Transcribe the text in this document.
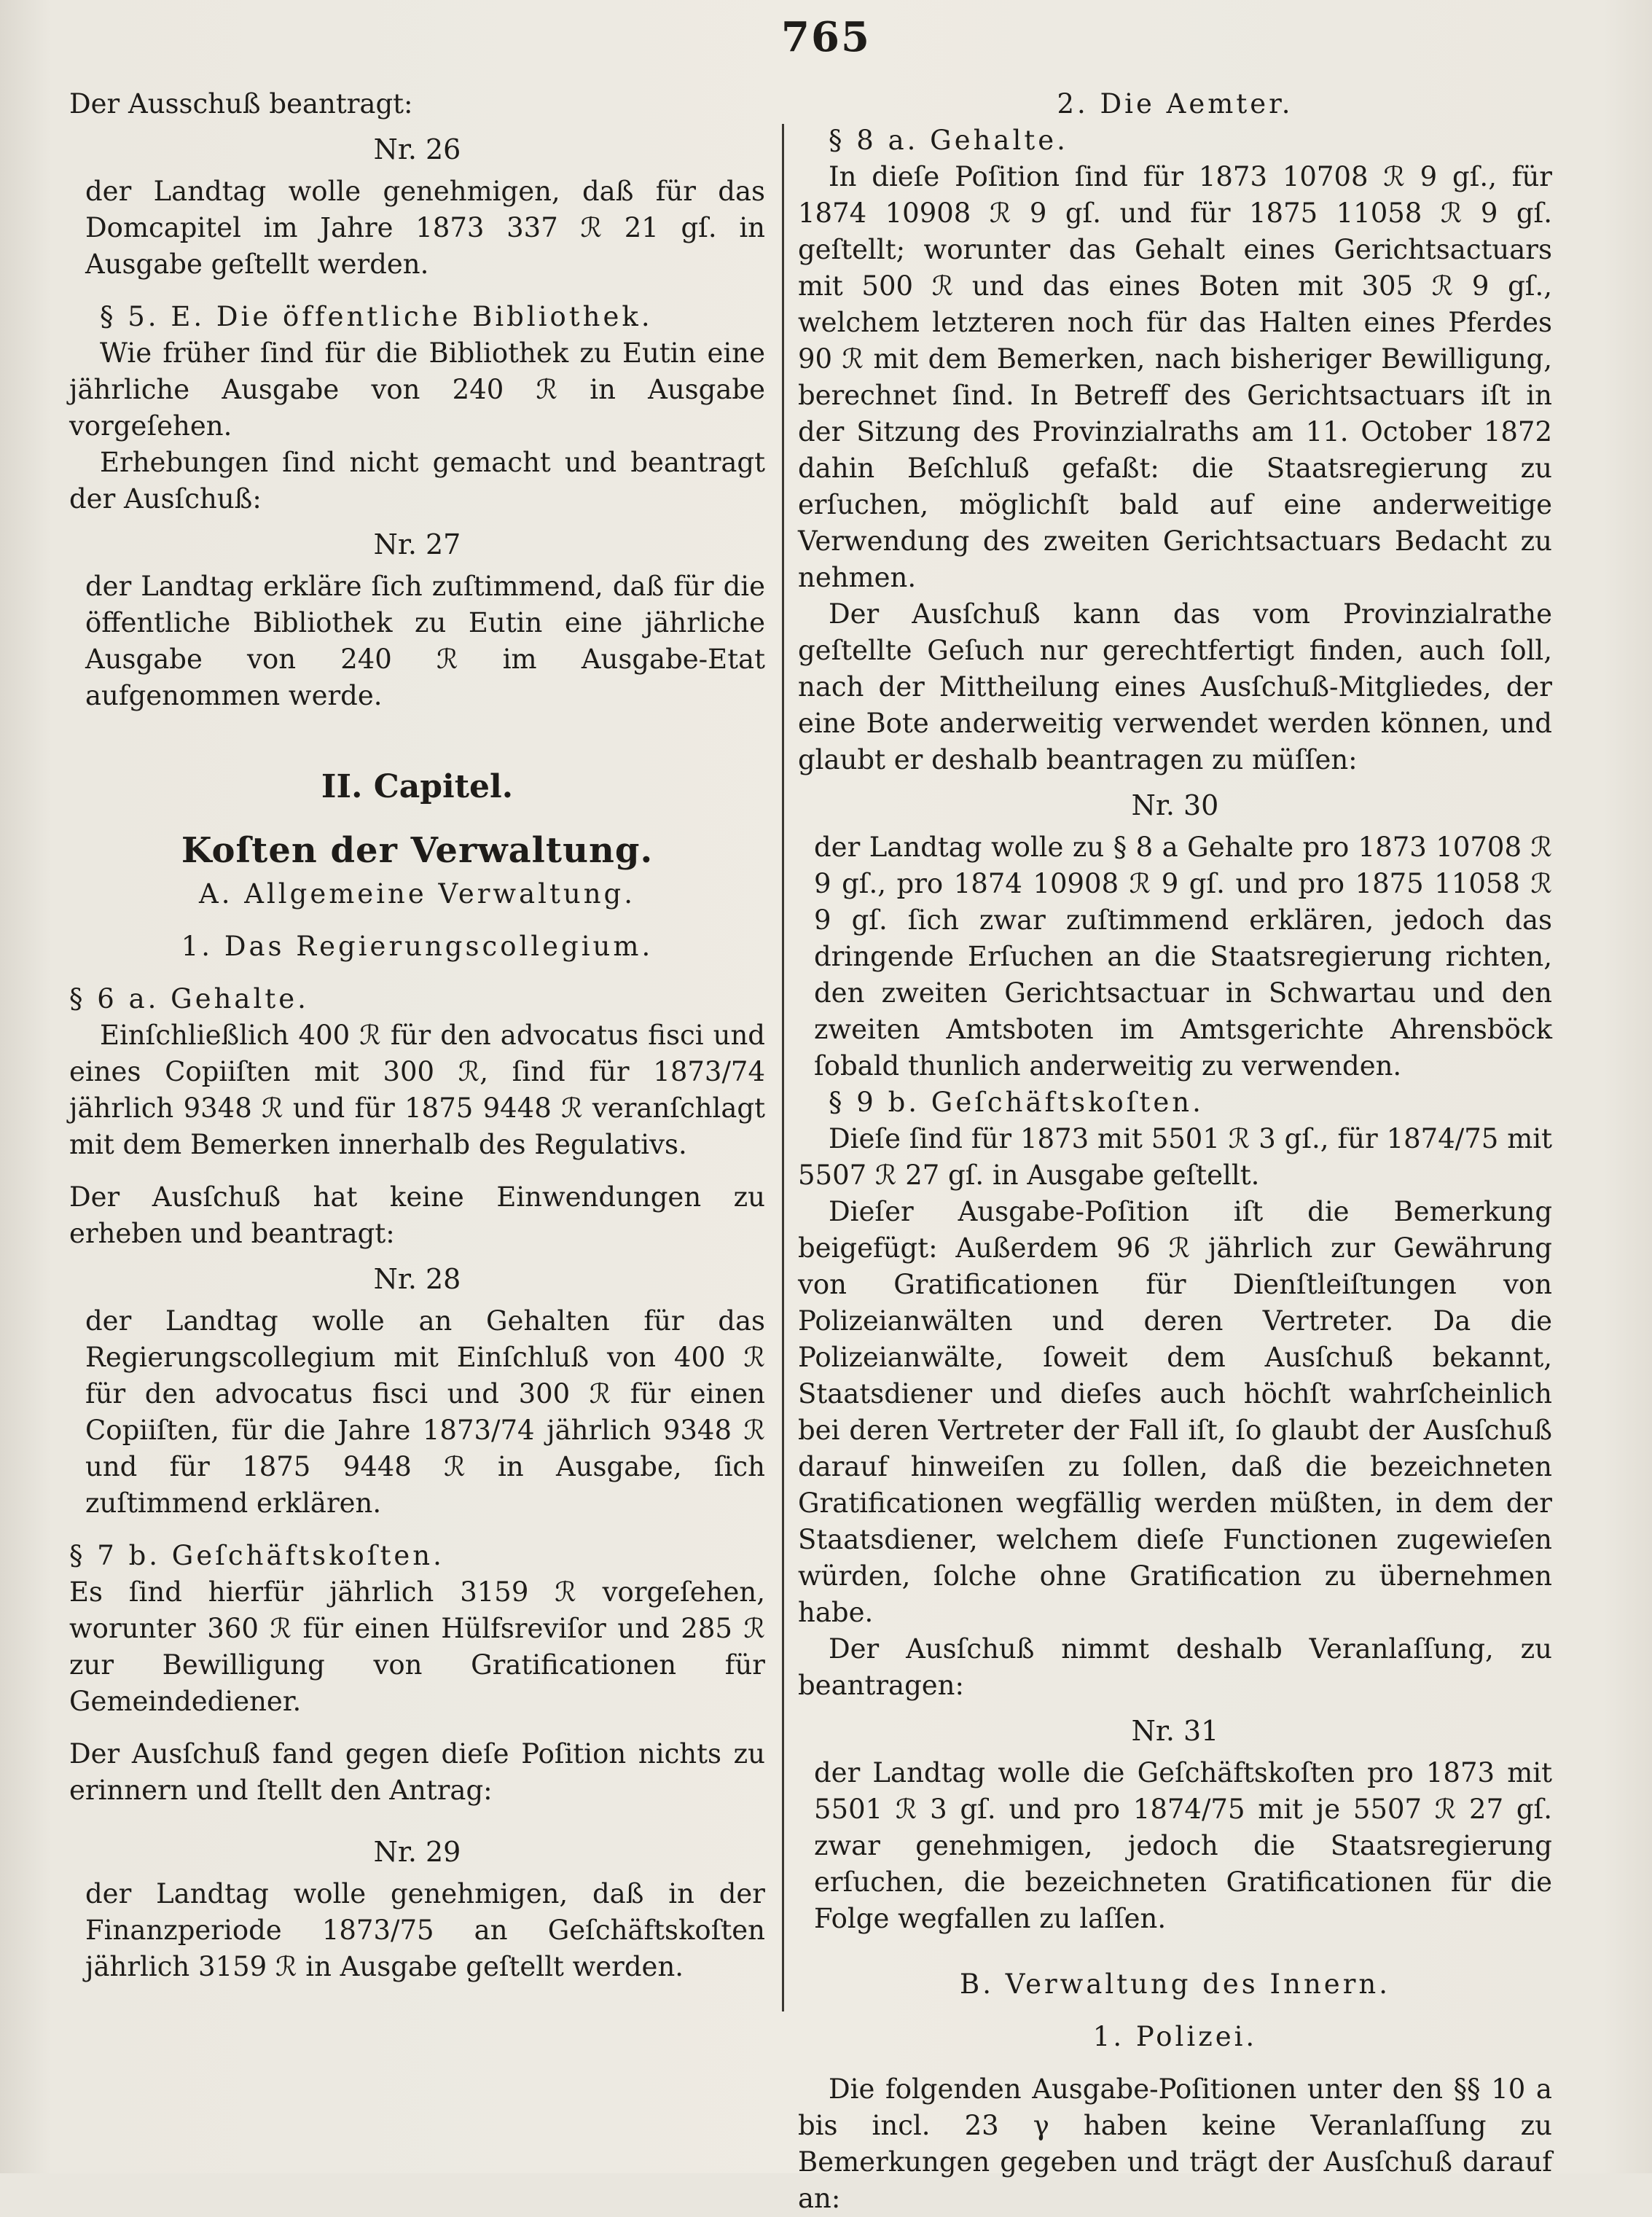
765

Der Ausschuß beantragt:

Nr. 26

der Landtag wolle genehmigen, daß für das Domcapitel im Jahre 1873 337 ℛ 21 gſ. in Ausgabe geſtellt werden.

§ 5. E. Die öffentliche Bibliothek.

Wie früher ſind für die Bibliothek zu Eutin eine jährliche Ausgabe von 240 ℛ in Ausgabe vorgeſehen.

Erhebungen ſind nicht gemacht und beantragt der Ausſchuß:

Nr. 27

der Landtag erkläre ſich zuſtimmend, daß für die öffentliche Bibliothek zu Eutin eine jährliche Ausgabe von 240 ℛ im Ausgabe-Etat aufgenommen werde.

II. Capitel.

Koſten der Verwaltung.

A. Allgemeine Verwaltung.

1. Das Regierungscollegium.

§ 6 a. Gehalte.

Einſchließlich 400 ℛ für den advocatus fisci und eines Copiiſten mit 300 ℛ, ſind für 1873/74 jährlich 9348 ℛ und für 1875 9448 ℛ veranſchlagt mit dem Bemerken innerhalb des Regulativs.

Der Ausſchuß hat keine Einwendungen zu erheben und beantragt:

Nr. 28

der Landtag wolle an Gehalten für das Regierungscollegium mit Einſchluß von 400 ℛ für den advocatus fisci und 300 ℛ für einen Copiiſten, für die Jahre 1873/74 jährlich 9348 ℛ und für 1875 9448 ℛ in Ausgabe, ſich zuſtimmend erklären.

§ 7 b. Geſchäftskoſten.

Es ſind hierfür jährlich 3159 ℛ vorgeſehen, worunter 360 ℛ für einen Hülfsreviſor und 285 ℛ zur Bewilligung von Gratificationen für Gemeindediener.

Der Ausſchuß fand gegen dieſe Poſition nichts zu erinnern und ſtellt den Antrag:

Nr. 29

der Landtag wolle genehmigen, daß in der Finanzperiode 1873/75 an Geſchäftskoſten jährlich 3159 ℛ in Ausgabe geſtellt werden.

2. Die Aemter.

§ 8 a. Gehalte.

In dieſe Poſition ſind für 1873 10708 ℛ 9 gſ., für 1874 10908 ℛ 9 gſ. und für 1875 11058 ℛ 9 gſ. geſtellt; worunter das Gehalt eines Gerichtsactuars mit 500 ℛ und das eines Boten mit 305 ℛ 9 gſ., welchem letzteren noch für das Halten eines Pferdes 90 ℛ mit dem Bemerken, nach bisheriger Bewilligung, berechnet ſind. In Betreff des Gerichtsactuars iſt in der Sitzung des Provinzialraths am 11. October 1872 dahin Beſchluß gefaßt: die Staatsregierung zu erſuchen, möglichſt bald auf eine anderweitige Verwendung des zweiten Gerichtsactuars Bedacht zu nehmen.

Der Ausſchuß kann das vom Provinzialrathe geſtellte Geſuch nur gerechtfertigt finden, auch ſoll, nach der Mittheilung eines Ausſchuß-Mitgliedes, der eine Bote anderweitig verwendet werden können, und glaubt er deshalb beantragen zu müſſen:

Nr. 30

der Landtag wolle zu § 8 a Gehalte pro 1873 10708 ℛ 9 gſ., pro 1874 10908 ℛ 9 gſ. und pro 1875 11058 ℛ 9 gſ. ſich zwar zuſtimmend erklären, jedoch das dringende Erſuchen an die Staatsregierung richten, den zweiten Gerichtsactuar in Schwartau und den zweiten Amtsboten im Amtsgerichte Ahrensböck ſobald thunlich anderweitig zu verwenden.

§ 9 b. Geſchäftskoſten.

Dieſe ſind für 1873 mit 5501 ℛ 3 gſ., für 1874/75 mit 5507 ℛ 27 gſ. in Ausgabe geſtellt.

Dieſer Ausgabe-Poſition iſt die Bemerkung beigefügt: Außerdem 96 ℛ jährlich zur Gewährung von Gratificationen für Dienſtleiſtungen von Polizeianwälten und deren Vertreter. Da die Polizeianwälte, ſoweit dem Ausſchuß bekannt, Staatsdiener und dieſes auch höchſt wahrſcheinlich bei deren Vertreter der Fall iſt, ſo glaubt der Ausſchuß darauf hinweiſen zu ſollen, daß die bezeichneten Gratificationen wegfällig werden müßten, in dem der Staatsdiener, welchem dieſe Functionen zugewieſen würden, ſolche ohne Gratification zu übernehmen habe.

Der Ausſchuß nimmt deshalb Veranlaſſung, zu beantragen:

Nr. 31

der Landtag wolle die Geſchäftskoſten pro 1873 mit 5501 ℛ 3 gſ. und pro 1874/75 mit je 5507 ℛ 27 gſ. zwar genehmigen, jedoch die Staatsregierung erſuchen, die bezeichneten Gratificationen für die Folge wegfallen zu laſſen.

B. Verwaltung des Innern.

1. Polizei.

Die folgenden Ausgabe-Poſitionen unter den §§ 10 a bis incl. 23 γ haben keine Veranlaſſung zu Bemerkungen gegeben und trägt der Ausſchuß darauf an:
